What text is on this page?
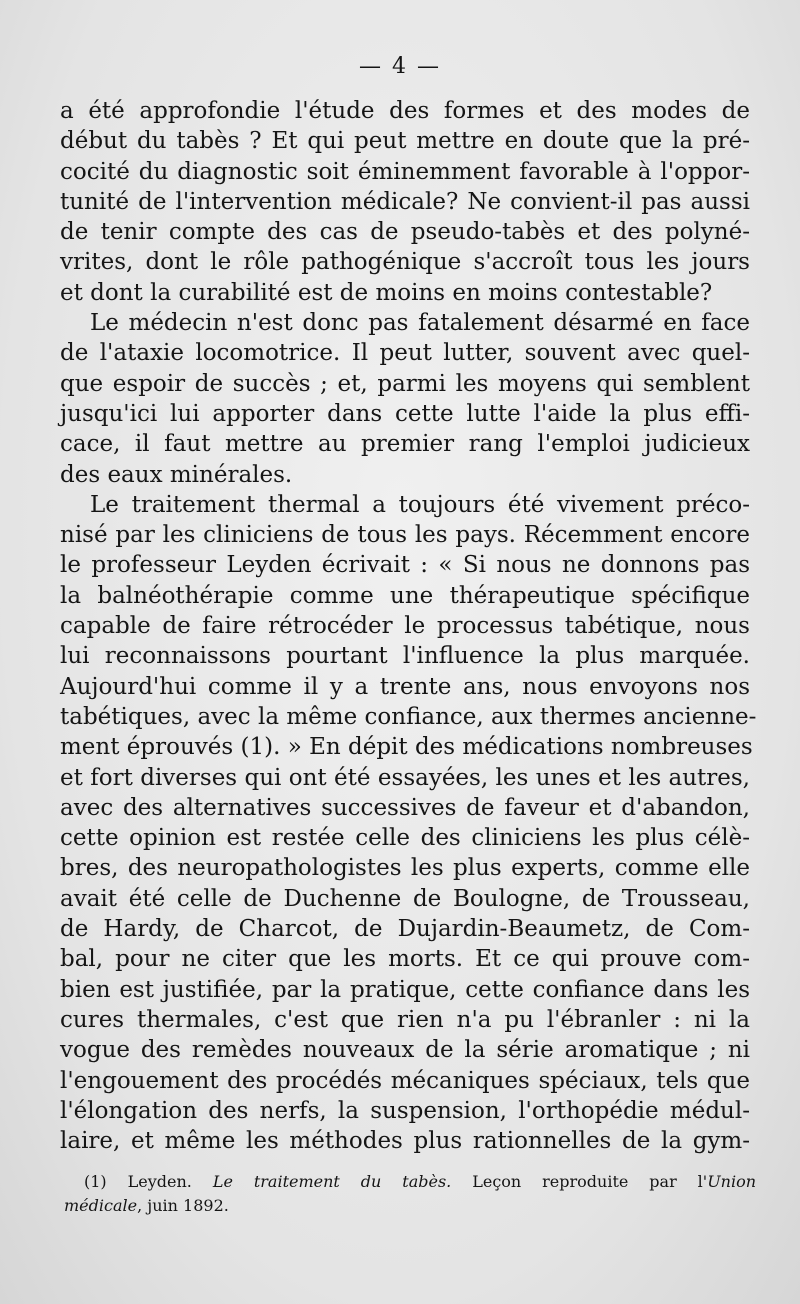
— 4 —
a été approfondie l'étude des formes et des modes de
début du tabès ? Et qui peut mettre en doute que la pré-
cocité du diagnostic soit éminemment favorable à l'oppor-
tunité de l'intervention médicale? Ne convient-il pas aussi
de tenir compte des cas de pseudo-tabès et des polyné-
vrites, dont le rôle pathogénique s'accroît tous les jours
et dont la curabilité est de moins en moins contestable?
Le médecin n'est donc pas fatalement désarmé en face
de l'ataxie locomotrice. Il peut lutter, souvent avec quel-
que espoir de succès ; et, parmi les moyens qui semblent
jusqu'ici lui apporter dans cette lutte l'aide la plus effi-
cace, il faut mettre au premier rang l'emploi judicieux
des eaux minérales.
Le traitement thermal a toujours été vivement préco-
nisé par les cliniciens de tous les pays. Récemment encore
le professeur Leyden écrivait : « Si nous ne donnons pas
la balnéothérapie comme une thérapeutique spécifique
capable de faire rétrocéder le processus tabétique, nous
lui reconnaissons pourtant l'influence la plus marquée.
Aujourd'hui comme il y a trente ans, nous envoyons nos
tabétiques, avec la même confiance, aux thermes ancienne-
ment éprouvés (1). » En dépit des médications nombreuses
et fort diverses qui ont été essayées, les unes et les autres,
avec des alternatives successives de faveur et d'abandon,
cette opinion est restée celle des cliniciens les plus célè-
bres, des neuropathologistes les plus experts, comme elle
avait été celle de Duchenne de Boulogne, de Trousseau,
de Hardy, de Charcot, de Dujardin-Beaumetz, de Com-
bal, pour ne citer que les morts. Et ce qui prouve com-
bien est justifiée, par la pratique, cette confiance dans les
cures thermales, c'est que rien n'a pu l'ébranler : ni la
vogue des remèdes nouveaux de la série aromatique ; ni
l'engouement des procédés mécaniques spéciaux, tels que
l'élongation des nerfs, la suspension, l'orthopédie médul-
laire, et même les méthodes plus rationnelles de la gym-
(1) Leyden. Le traitement du tabès. Leçon reproduite par l'Union
médicale, juin 1892.
